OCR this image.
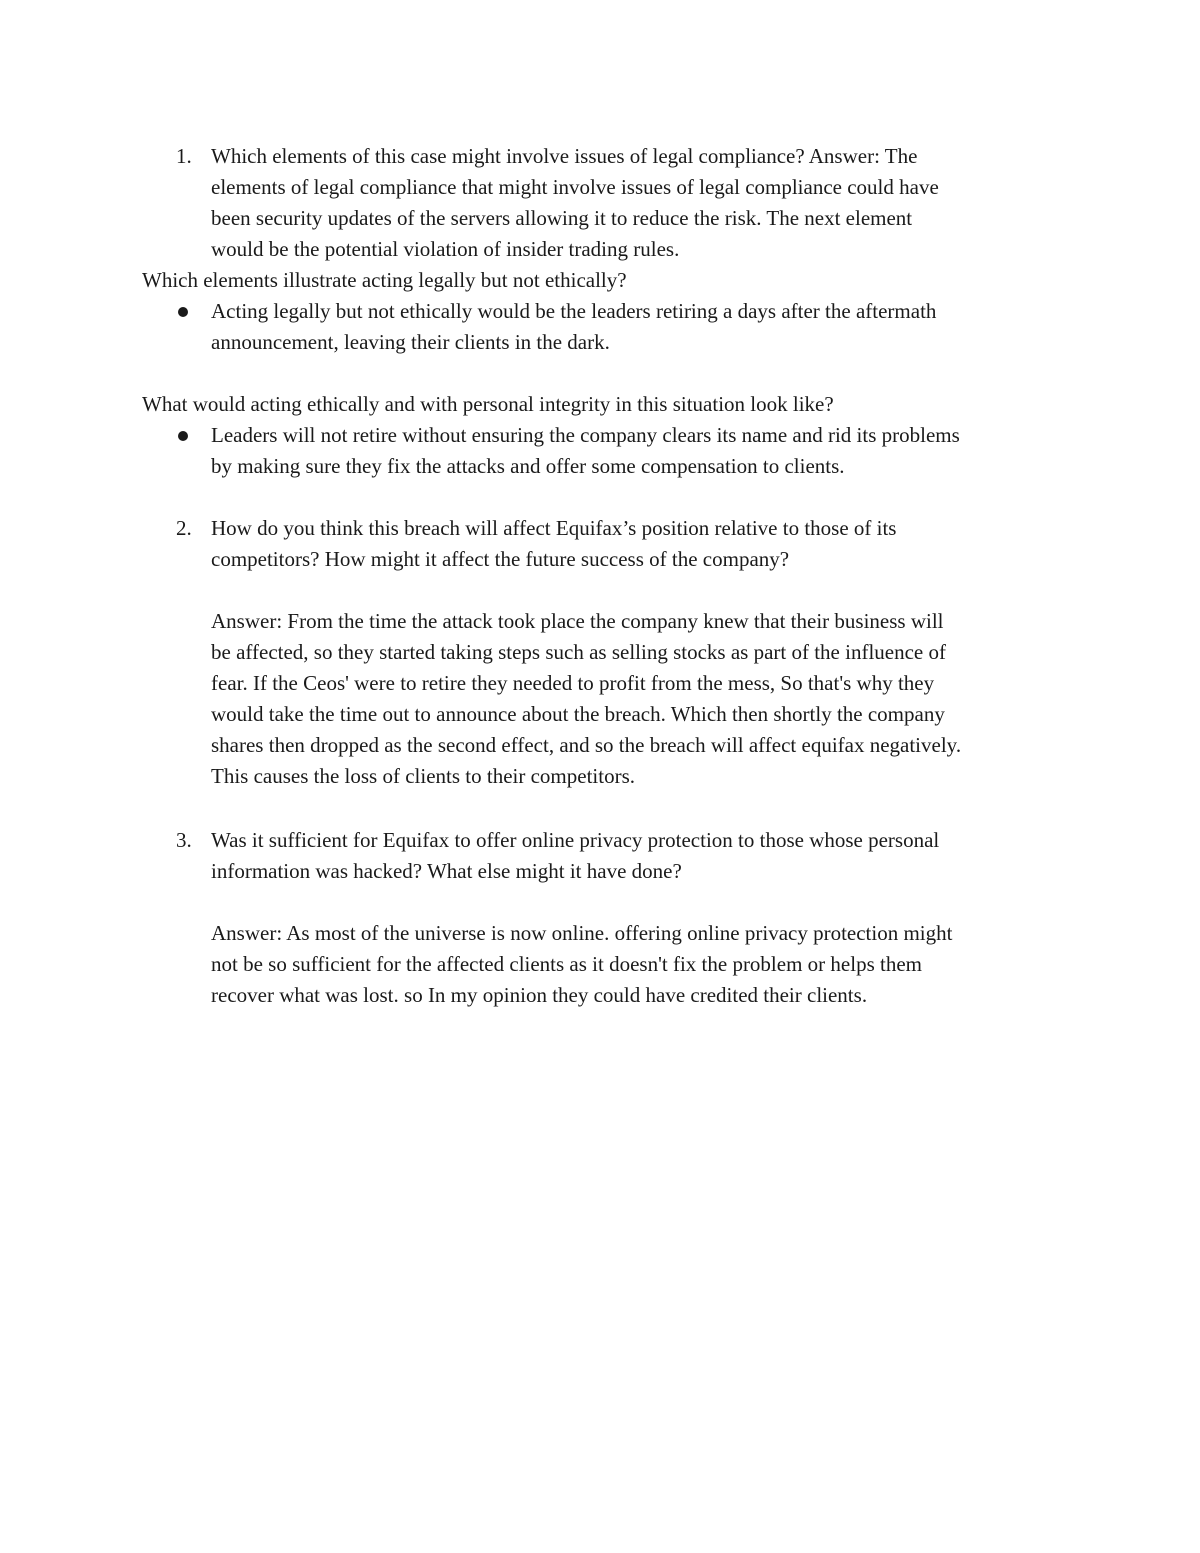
1. Which elements of this case might involve issues of legal compliance? Answer: The
elements of legal compliance that might involve issues of legal compliance could have
been security updates of the servers allowing it to reduce the risk. The next element
would be the potential violation of insider trading rules.
Which elements illustrate acting legally but not ethically?
Acting legally but not ethically would be the leaders retiring a days after the aftermath
announcement, leaving their clients in the dark.
What would acting ethically and with personal integrity in this situation look like?
Leaders will not retire without ensuring the company clears its name and rid its problems
by making sure they fix the attacks and offer some compensation to clients.
2. How do you think this breach will affect Equifax’s position relative to those of its
competitors? How might it affect the future success of the company?
Answer: From the time the attack took place the company knew that their business will
be affected, so they started taking steps such as selling stocks as part of the influence of
fear. If the Ceos' were to retire they needed to profit from the mess, So that's why they
would take the time out to announce about the breach. Which then shortly the company
shares then dropped as the second effect, and so the breach will affect equifax negatively.
This causes the loss of clients to their competitors.
3. Was it sufficient for Equifax to offer online privacy protection to those whose personal
information was hacked? What else might it have done?
Answer: As most of the universe is now online. offering online privacy protection might
not be so sufficient for the affected clients as it doesn't fix the problem or helps them
recover what was lost. so In my opinion they could have credited their clients.
